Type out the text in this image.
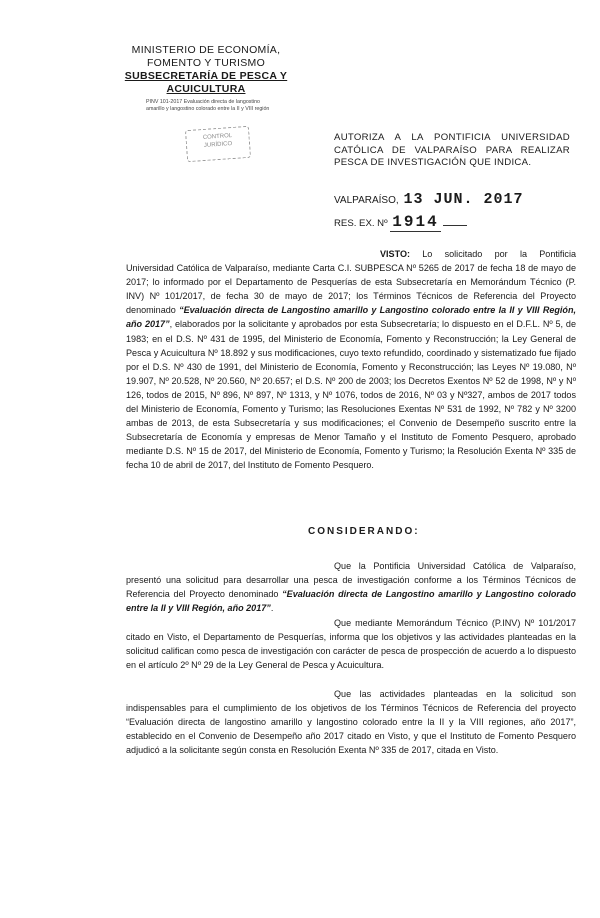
MINISTERIO DE ECONOMÍA,
FOMENTO Y TURISMO
SUBSECRETARÍA DE PESCA Y ACUICULTURA
PINV 101-2017 Evaluación directa de langostino
amarillo y langostino colorado entre la II y VIII región
CONTROL
JURÍDICO
AUTORIZA A LA PONTIFICIA UNIVERSIDAD CATÓLICA DE VALPARAÍSO PARA REALIZAR PESCA DE INVESTIGACIÓN QUE INDICA.
VALPARAÍSO, 13 JUN. 2017
RES. EX. Nº 1914
VISTO: Lo solicitado por la Pontificia Universidad Católica de Valparaíso, mediante Carta C.I. SUBPESCA Nº 5265 de 2017 de fecha 18 de mayo de 2017; lo informado por el Departamento de Pesquerías de esta Subsecretaría en Memorándum Técnico (P. INV) Nº 101/2017, de fecha 30 de mayo de 2017; los Términos Técnicos de Referencia del Proyecto denominado “Evaluación directa de Langostino amarillo y Langostino colorado entre la II y VIII Región, año 2017”, elaborados por la solicitante y aprobados por esta Subsecretaría; lo dispuesto en el D.F.L. Nº 5, de 1983; en el D.S. Nº 431 de 1995, del Ministerio de Economía, Fomento y Reconstrucción; la Ley General de Pesca y Acuicultura Nº 18.892 y sus modificaciones, cuyo texto refundido, coordinado y sistematizado fue fijado por el D.S. Nº 430 de 1991, del Ministerio de Economía, Fomento y Reconstrucción; las Leyes Nº 19.080, Nº 19.907, Nº 20.528, Nº 20.560, Nº 20.657; el D.S. Nº 200 de 2003; los Decretos Exentos Nº 52 de 1998, Nº y Nº 126, todos de 2015, Nº 896, Nº 897, Nº 1313, y Nº 1076, todos de 2016, Nº 03 y Nº327, ambos de 2017 todos del Ministerio de Economía, Fomento y Turismo; las Resoluciones Exentas Nº 531 de 1992, Nº 782 y Nº 3200 ambas de 2013, de esta Subsecretaría y sus modificaciones; el Convenio de Desempeño suscrito entre la Subsecretaría de Economía y empresas de Menor Tamaño y el Instituto de Fomento Pesquero, aprobado mediante D.S. Nº 15 de 2017, del Ministerio de Economía, Fomento y Turismo; la Resolución Exenta Nº 335 de fecha 10 de abril de 2017, del Instituto de Fomento Pesquero.
CONSIDERANDO:
Que la Pontificia Universidad Católica de Valparaíso, presentó una solicitud para desarrollar una pesca de investigación conforme a los Términos Técnicos de Referencia del Proyecto denominado “Evaluación directa de Langostino amarillo y Langostino colorado entre la II y VIII Región, año 2017”.
Que mediante Memorándum Técnico (P.INV) Nº 101/2017 citado en Visto, el Departamento de Pesquerías, informa que los objetivos y las actividades planteadas en la solicitud califican como pesca de investigación con carácter de pesca de prospección de acuerdo a lo dispuesto en el artículo 2º Nº 29 de la Ley General de Pesca y Acuicultura.
Que las actividades planteadas en la solicitud son indispensables para el cumplimiento de los objetivos de los Términos Técnicos de Referencia del proyecto “Evaluación directa de langostino amarillo y langostino colorado entre la II y la VIII regiones, año 2017”, establecido en el Convenio de Desempeño año 2017 citado en Visto, y que el Instituto de Fomento Pesquero adjudicó a la solicitante según consta en Resolución Exenta Nº 335 de 2017, citada en Visto.
